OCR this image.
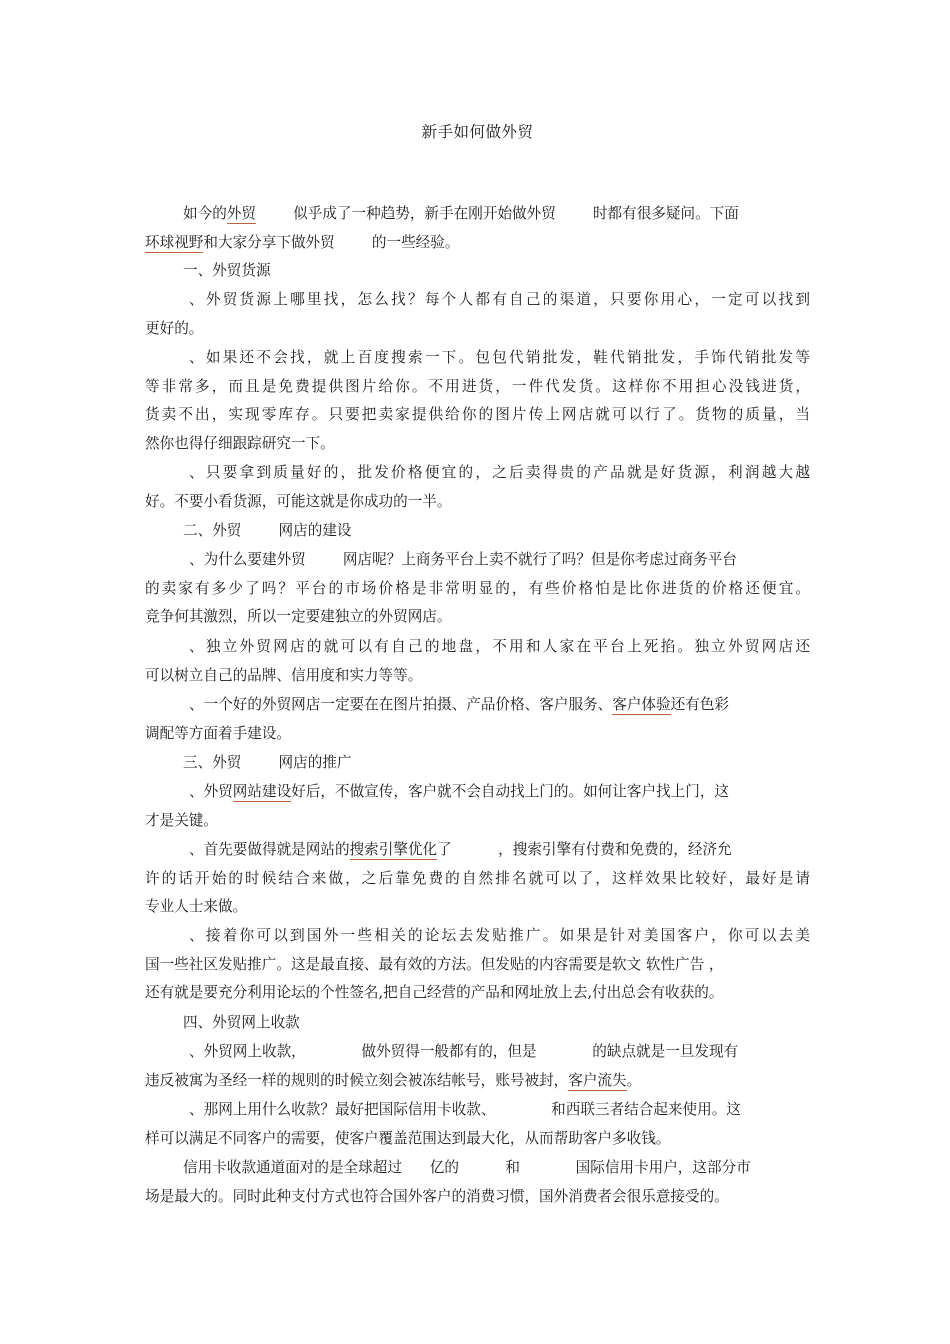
新手如何做外贸
如今的外贸	似乎成了一种趋势，新手在刚开始做外贸	时都有很多疑问。下面
环球视野和大家分享下做外贸	的一些经验。
一、外贸货源
、外贸货源上哪里找，怎么找？每个人都有自己的渠道，只要你用心，一定可以找到
更好的。
、如果还不会找，就上百度搜索一下。包包代销批发，鞋代销批发，手饰代销批发等
等非常多，而且是免费提供图片给你。不用进货，一件代发货。这样你不用担心没钱进货，
货卖不出，实现零库存。只要把卖家提供给你的图片传上网店就可以行了。货物的质量，当
然你也得仔细跟踪研究一下。
、只要拿到质量好的，批发价格便宜的，之后卖得贵的产品就是好货源，利润越大越
好。不要小看货源，可能这就是你成功的一半。
二、外贸	网店的建设
、为什么要建外贸	网店呢？上商务平台上卖不就行了吗？但是你考虑过商务平台
的卖家有多少了吗？平台的市场价格是非常明显的，有些价格怕是比你进货的价格还便宜。
竞争何其激烈，所以一定要建独立的外贸网店。
、独立外贸网店的就可以有自己的地盘，不用和人家在平台上死掐。独立外贸网店还
可以树立自己的品牌、信用度和实力等等。
、一个好的外贸网店一定要在在图片拍摄、产品价格、客户服务、客户体验还有色彩
调配等方面着手建设。
三、外贸	网店的推广
、外贸网站建设好后，不做宣传，客户就不会自动找上门的。如何让客户找上门，这
才是关键。
、首先要做得就是网站的搜索引擎优化了	，搜索引擎有付费和免费的，经济允
许的话开始的时候结合来做，之后靠免费的自然排名就可以了，这样效果比较好，最好是请
专业人士来做。
、接着你可以到国外一些相关的论坛去发贴推广。如果是针对美国客户，你可以去美
国一些社区发贴推广。这是最直接、最有效的方法。但发贴的内容需要是软文 软性广告 ，
还有就是要充分利用论坛的个性签名,把自己经营的产品和网址放上去,付出总会有收获的。
四、外贸网上收款
、外贸网上收款，	做外贸得一般都有的，但是	的缺点就是一旦发现有
违反被寓为圣经一样的规则的时候立刻会被冻结帐号，账号被封，客户流失。
、那网上用什么收款？最好把国际信用卡收款、	和西联三者结合起来使用。这
样可以满足不同客户的需要，使客户覆盖范围达到最大化，从而帮助客户多收钱。
信用卡收款通道面对的是全球超过 亿的	和	国际信用卡用户，这部分市
场是最大的。同时此种支付方式也符合国外客户的消费习惯，国外消费者会很乐意接受的。
